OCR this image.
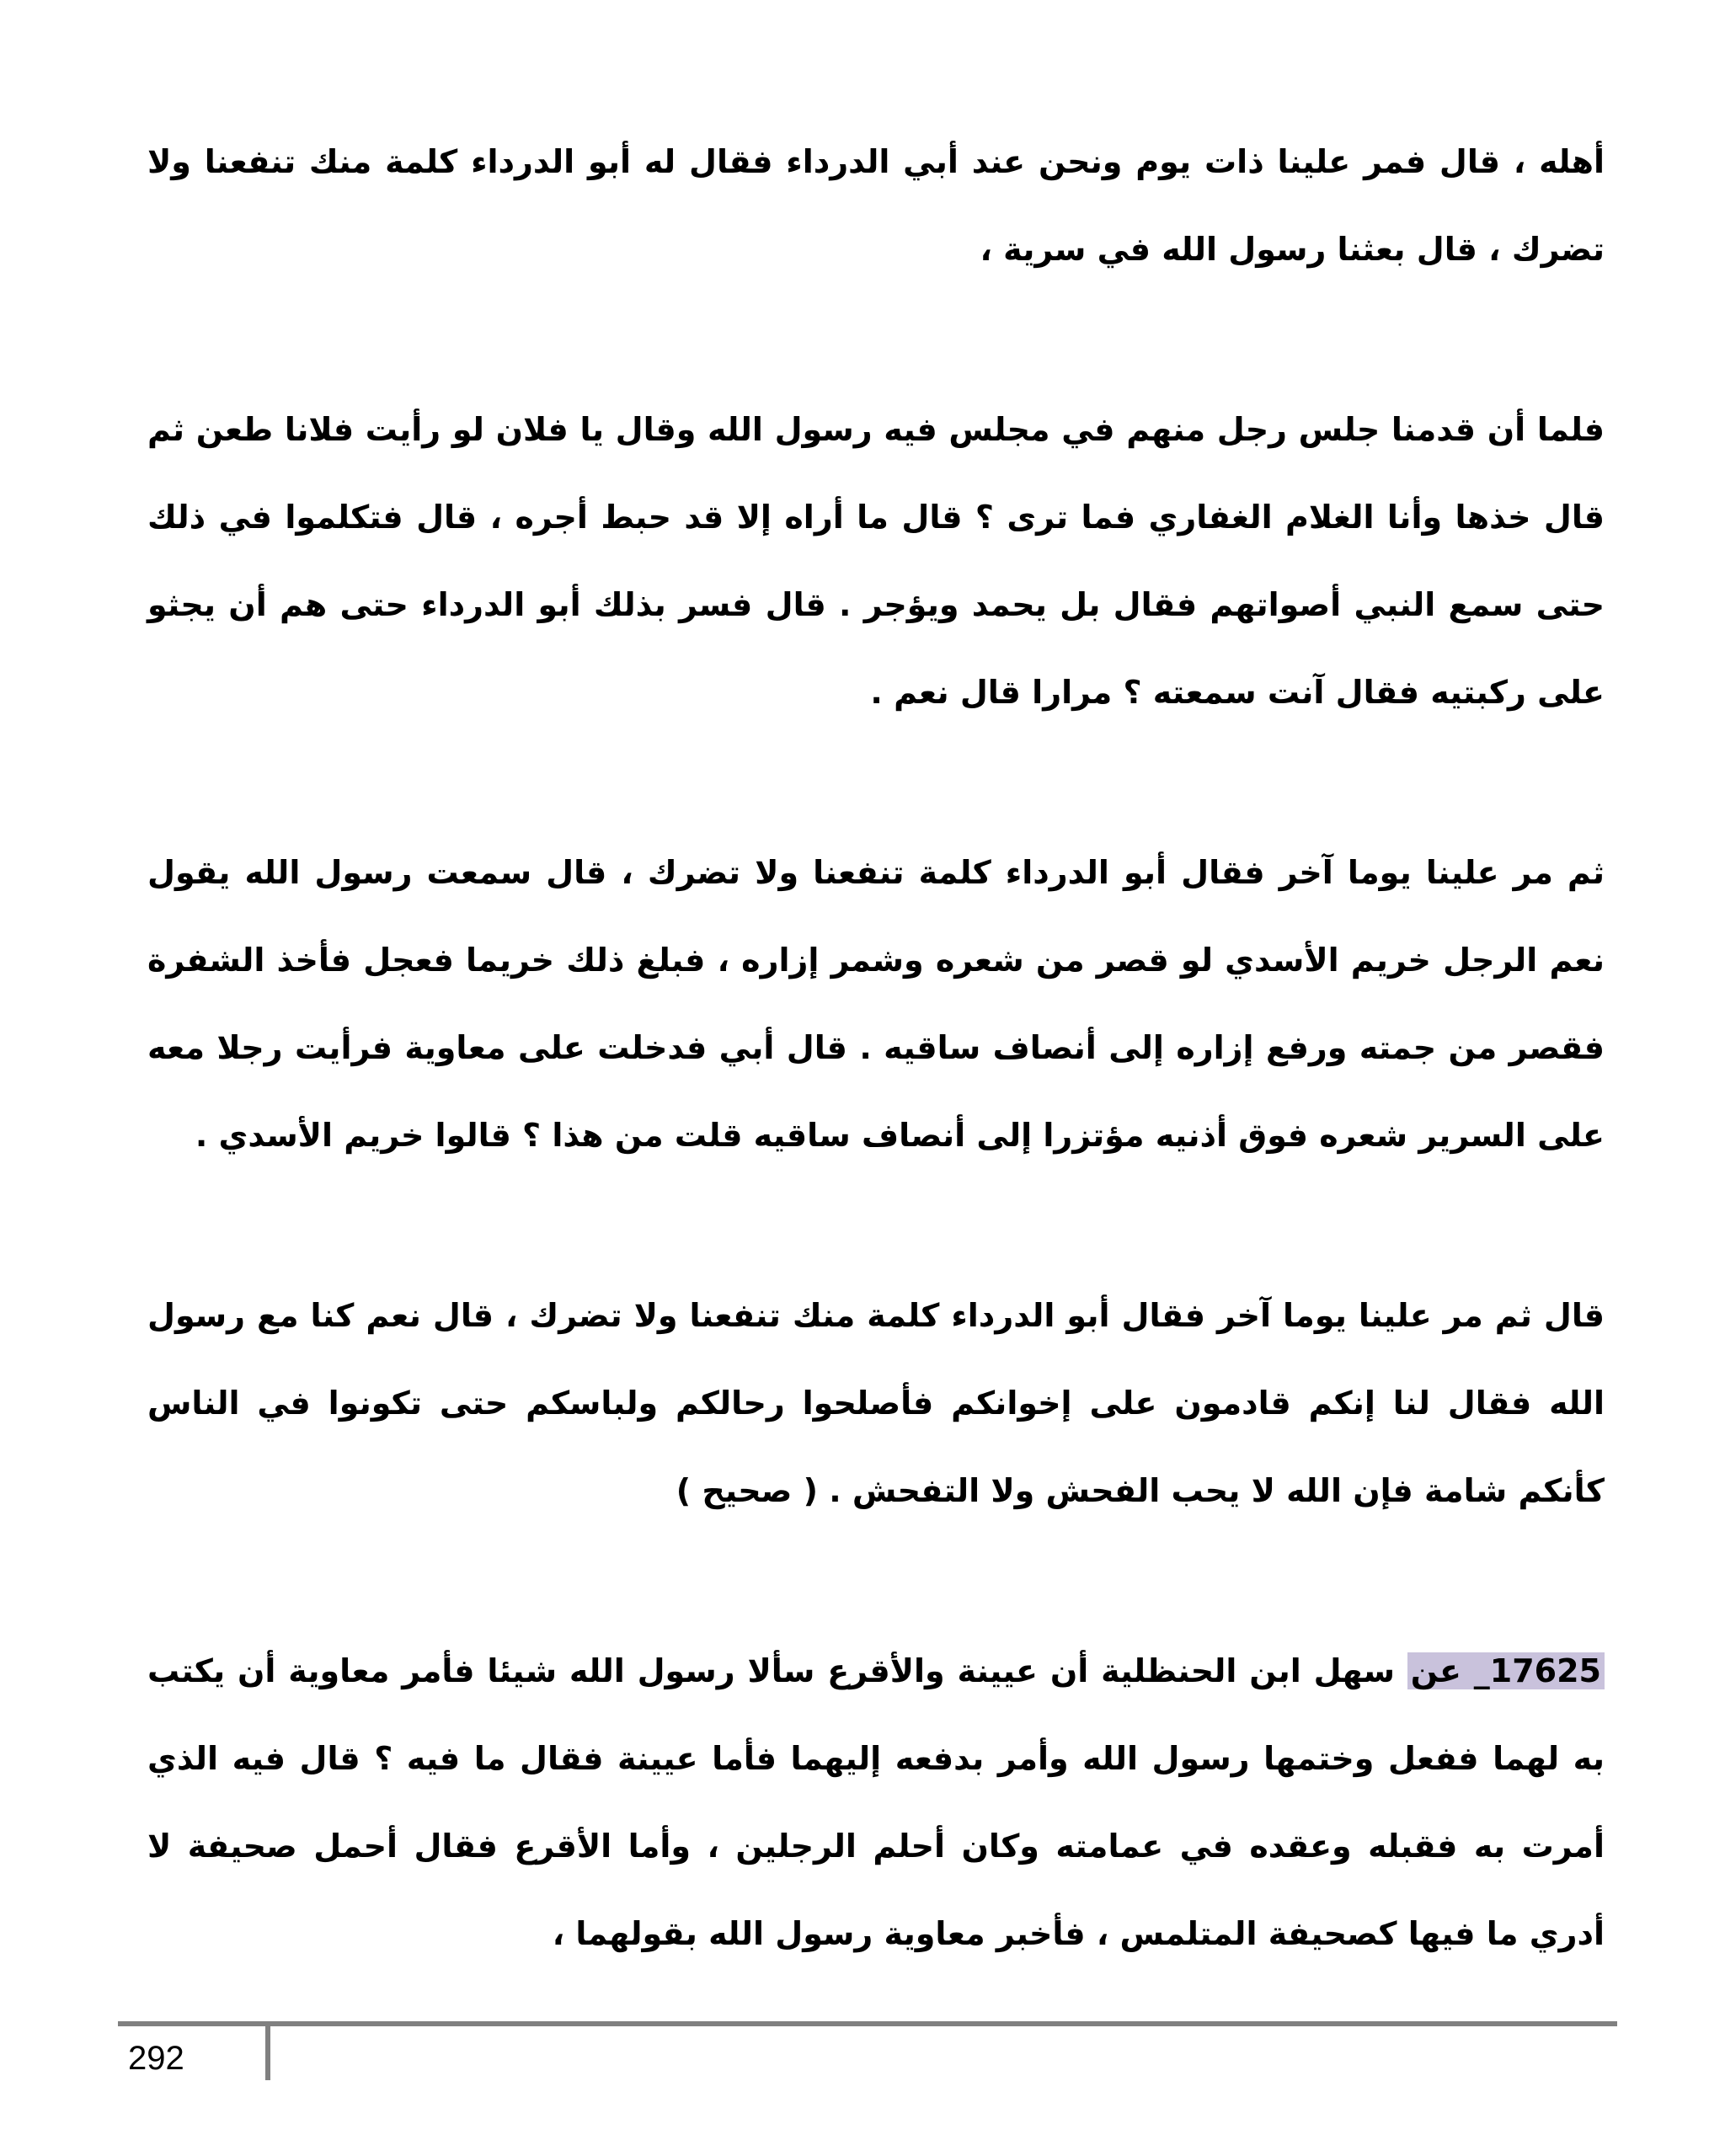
أهله ، قال فمر علينا ذات يوم ونحن عند أبي الدرداء فقال له أبو الدرداء كلمة منك تنفعنا ولا تضرك ، قال بعثنا رسول الله في سرية ،

فلما أن قدمنا جلس رجل منهم في مجلس فيه رسول الله وقال يا فلان لو رأيت فلانا طعن ثم قال خذها وأنا الغلام الغفاري فما ترى ؟ قال ما أراه إلا قد حبط أجره ، قال فتكلموا في ذلك حتى سمع النبي أصواتهم فقال بل يحمد ويؤجر . قال فسر بذلك أبو الدرداء حتى هم أن يجثو على ركبتيه فقال آنت سمعته ؟ مرارا قال نعم .

ثم مر علينا يوما آخر فقال أبو الدرداء كلمة تنفعنا ولا تضرك ، قال سمعت رسول الله يقول نعم الرجل خريم الأسدي لو قصر من شعره وشمر إزاره ، فبلغ ذلك خريما فعجل فأخذ الشفرة فقصر من جمته ورفع إزاره إلى أنصاف ساقيه . قال أبي فدخلت على معاوية فرأيت رجلا معه على السرير شعره فوق أذنيه مؤتزرا إلى أنصاف ساقيه قلت من هذا ؟ قالوا خريم الأسدي .

قال ثم مر علينا يوما آخر فقال أبو الدرداء كلمة منك تنفعنا ولا تضرك ، قال نعم كنا مع رسول الله فقال لنا إنكم قادمون على إخوانكم فأصلحوا رحالكم ولباسكم حتى تكونوا في الناس كأنكم شامة فإن الله لا يحب الفحش ولا التفحش . ( صحيح )

17625_ عن سهل ابن الحنظلية أن عيينة والأقرع سألا رسول الله شيئا فأمر معاوية أن يكتب به لهما ففعل وختمها رسول الله وأمر بدفعه إليهما فأما عيينة فقال ما فيه ؟ قال فيه الذي أمرت به فقبله وعقده في عمامته وكان أحلم الرجلين ، وأما الأقرع فقال أحمل صحيفة لا أدري ما فيها كصحيفة المتلمس ، فأخبر معاوية رسول الله بقولهما ،

292
